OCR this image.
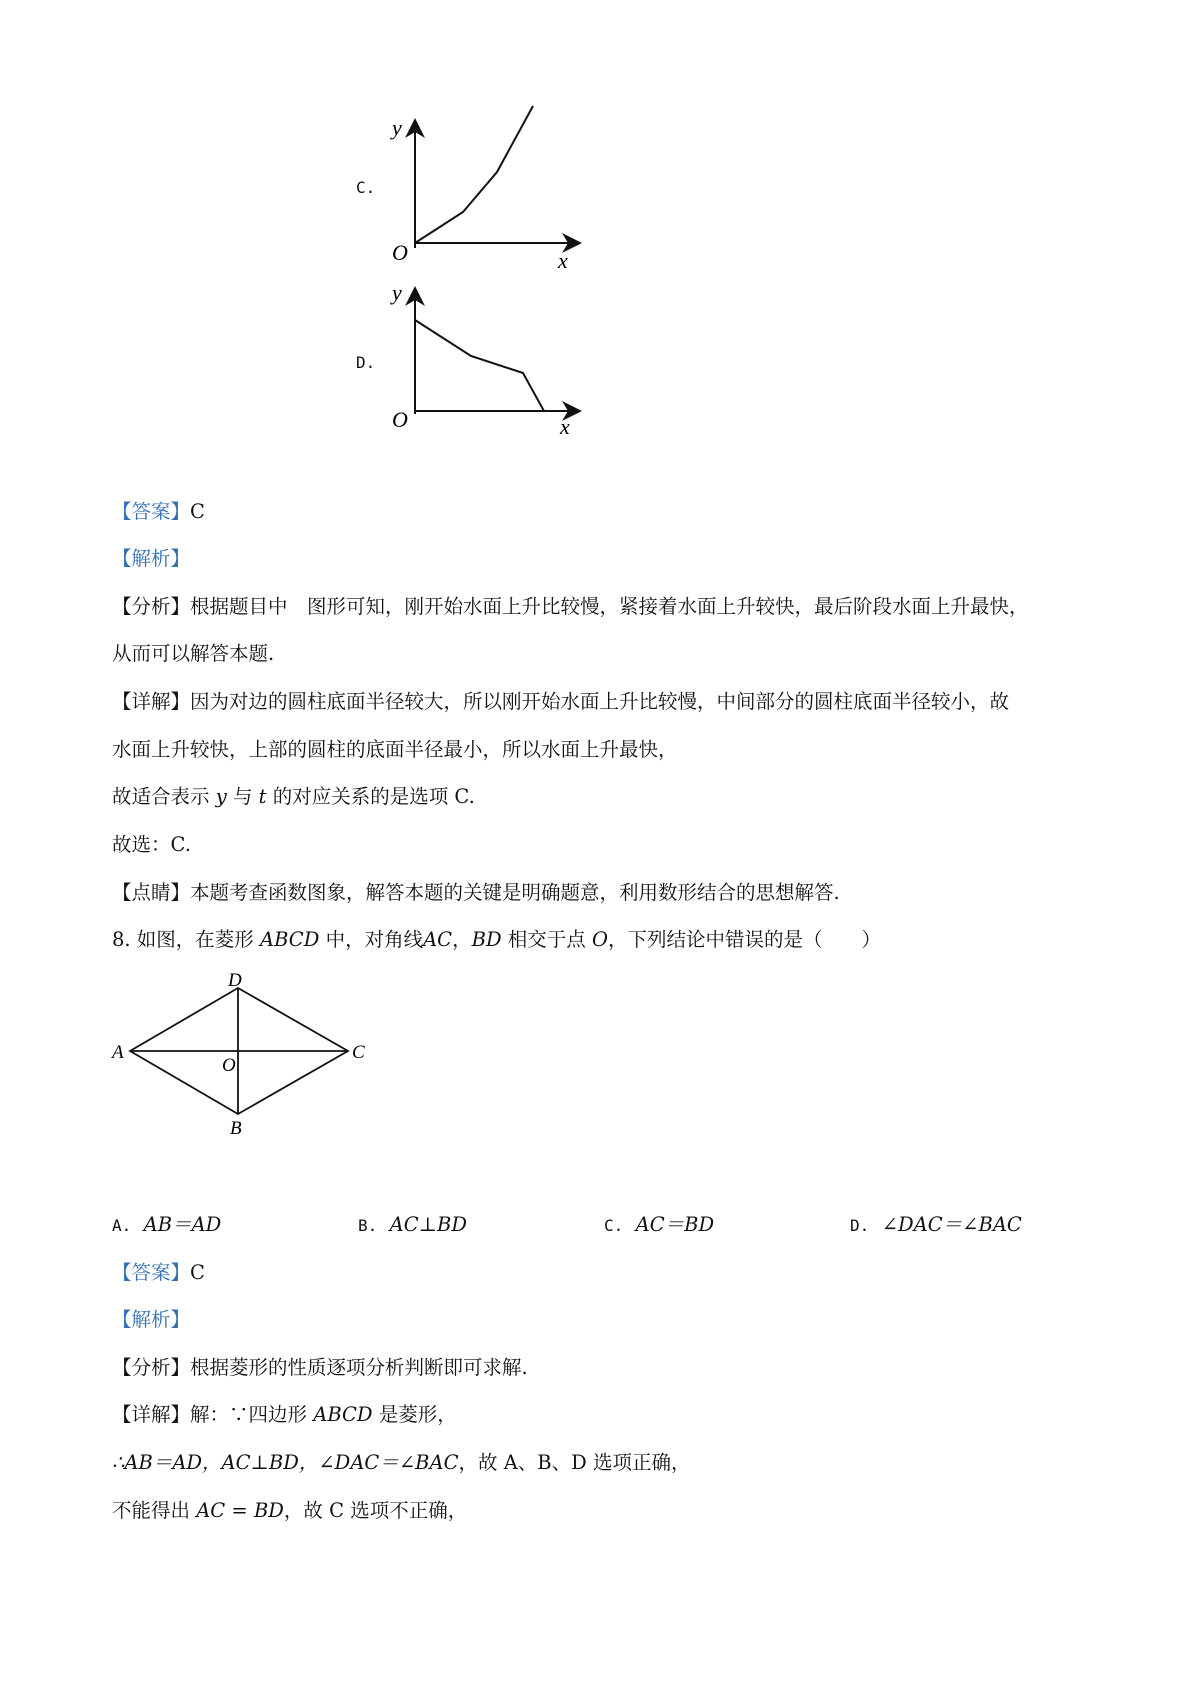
C.
y
O	x
D.
y
O	x
【答案】C
【解析】
【分析】根据题目中　图形可知，刚开始水面上升比较慢，紧接着水面上升较快，最后阶段水面上升最快，
从而可以解答本题.
【详解】因为对边的圆柱底面半径较大，所以刚开始水面上升比较慢，中间部分的圆柱底面半径较小，故
水面上升较快，上部的圆柱的底面半径最小，所以水面上升最快，
故适合表示 y 与 t 的对应关系的是选项 C.
故选：C.
【点睛】本题考查函数图象，解答本题的关键是明确题意，利用数形结合的思想解答.
8. 如图，在菱形 ABCD 中，对角线AC，BD 相交于点 O，下列结论中错误的是（　　）
D
A	C
O
B
A. AB＝AD	B. AC⊥BD	C. AC＝BD	D. ∠DAC＝∠BAC
【答案】C
【解析】
【分析】根据菱形的性质逐项分析判断即可求解.
【详解】解：∵四边形 ABCD 是菱形，
∴AB＝AD，AC⊥BD，∠DAC＝∠BAC，故 A、B、D 选项正确，
不能得出 AC = BD，故 C 选项不正确，
